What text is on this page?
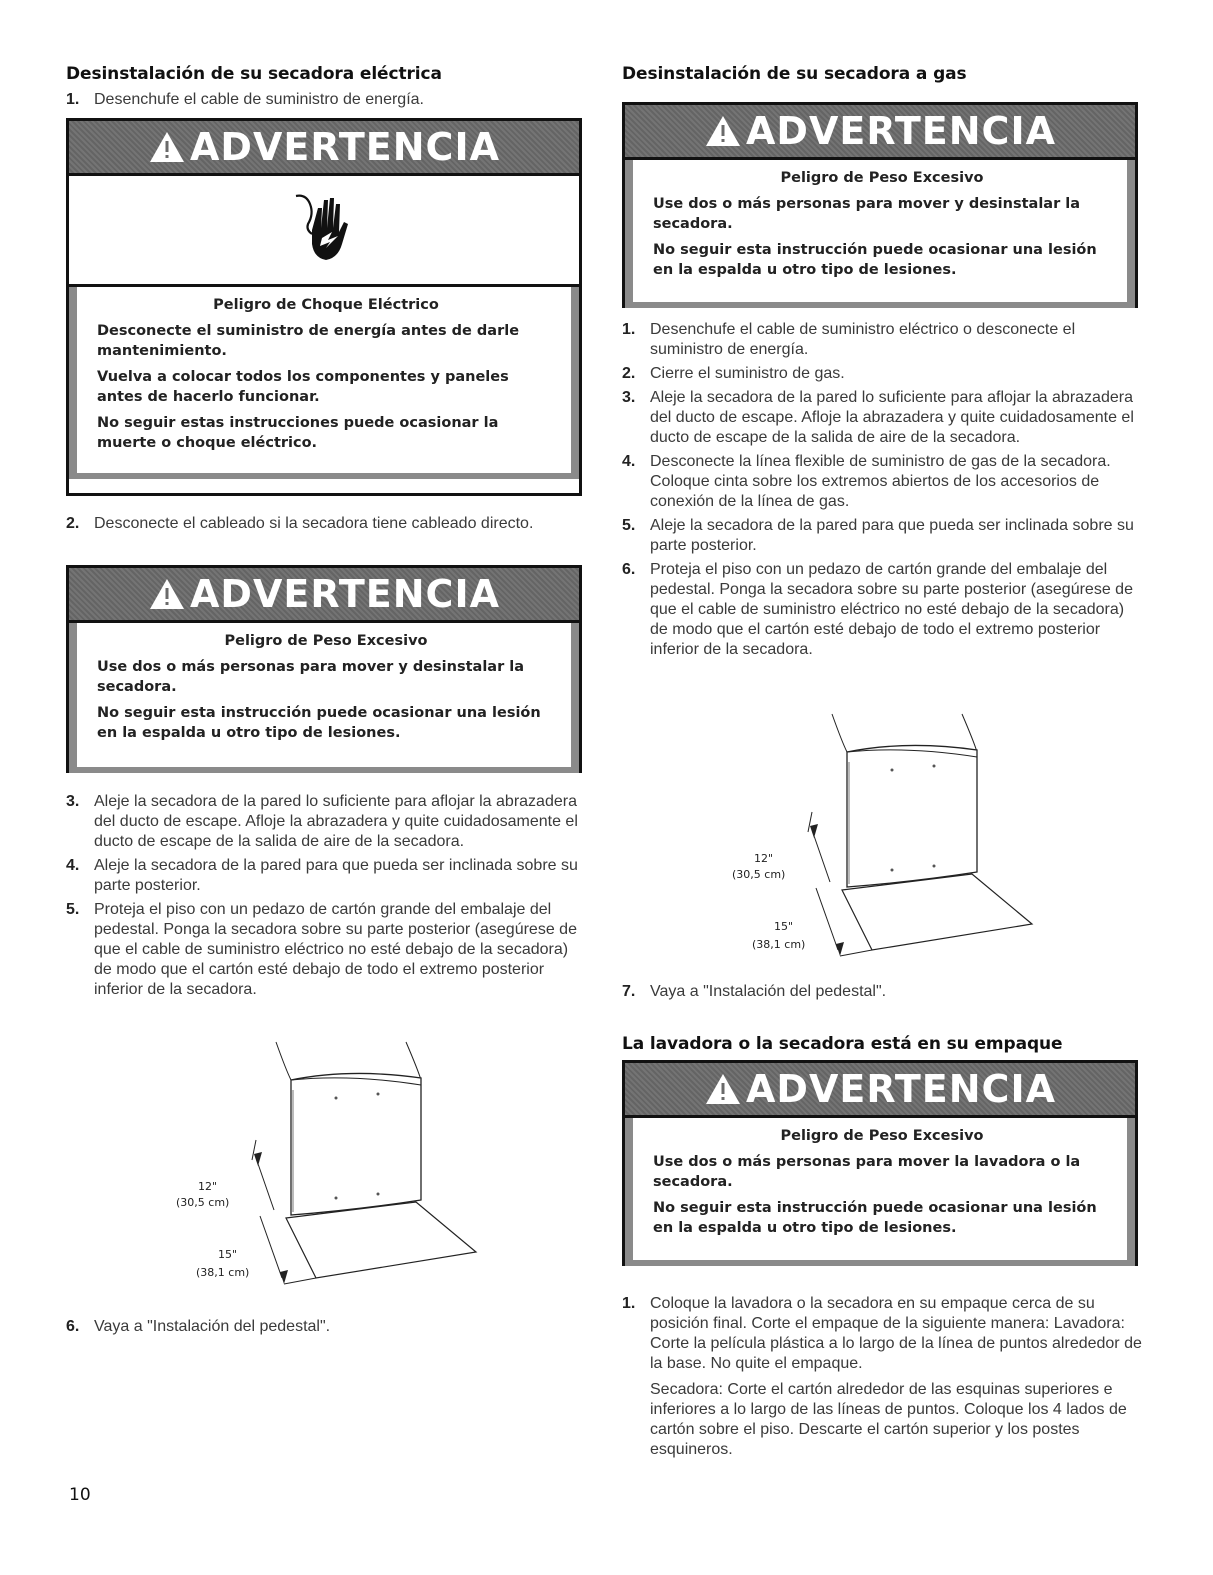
Desinstalación de su secadora eléctrica
1. Desenchufe el cable de suministro de energía.
ADVERTENCIA
Peligro de Choque Eléctrico

Desconecte el suministro de energía antes de darle mantenimiento.

Vuelva a colocar todos los componentes y paneles antes de hacerlo funcionar.

No seguir estas instrucciones puede ocasionar la muerte o choque eléctrico.

2. Desconecte el cableado si la secadora tiene cableado directo.
ADVERTENCIA
Peligro de Peso Excesivo

Use dos o más personas para mover y desinstalar la secadora.

No seguir esta instrucción puede ocasionar una lesión en la espalda u otro tipo de lesiones.

3. Aleje la secadora de la pared lo suficiente para aflojar la abrazadera del ducto de escape. Afloje la abrazadera y quite cuidadosamente el ducto de escape de la salida de aire de la secadora.
4. Aleje la secadora de la pared para que pueda ser inclinada sobre su parte posterior.
5. Proteja el piso con un pedazo de cartón grande del embalaje del pedestal. Ponga la secadora sobre su parte posterior (asegúrese de que el cable de suministro eléctrico no esté debajo de la secadora) de modo que el cartón esté debajo de todo el extremo posterior inferior de la secadora.
12"
(30,5 cm)
15"
(38,1 cm)
6. Vaya a "Instalación del pedestal".
Desinstalación de su secadora a gas
ADVERTENCIA
Peligro de Peso Excesivo

Use dos o más personas para mover y desinstalar la secadora.

No seguir esta instrucción puede ocasionar una lesión en la espalda u otro tipo de lesiones.

1. Desenchufe el cable de suministro eléctrico o desconecte el suministro de energía.
2. Cierre el suministro de gas.
3. Aleje la secadora de la pared lo suficiente para aflojar la abrazadera del ducto de escape. Afloje la abrazadera y quite cuidadosamente el ducto de escape de la salida de aire de la secadora.
4. Desconecte la línea flexible de suministro de gas de la secadora. Coloque cinta sobre los extremos abiertos de los accesorios de conexión de la línea de gas.
5. Aleje la secadora de la pared para que pueda ser inclinada sobre su parte posterior.
6. Proteja el piso con un pedazo de cartón grande del embalaje del pedestal. Ponga la secadora sobre su parte posterior (asegúrese de que el cable de suministro eléctrico no esté debajo de la secadora) de modo que el cartón esté debajo de todo el extremo posterior inferior de la secadora.
12"
(30,5 cm)
15"
(38,1 cm)
7. Vaya a "Instalación del pedestal".
La lavadora o la secadora está en su empaque
ADVERTENCIA
Peligro de Peso Excesivo

Use dos o más personas para mover la lavadora o la secadora.

No seguir esta instrucción puede ocasionar una lesión en la espalda u otro tipo de lesiones.

1. Coloque la lavadora o la secadora en su empaque cerca de su posición final. Corte el empaque de la siguiente manera: Lavadora: Corte la película plástica a lo largo de la línea de puntos alrededor de la base. No quite el empaque.
Secadora: Corte el cartón alrededor de las esquinas superiores e inferiores a lo largo de las líneas de puntos. Coloque los 4 lados de cartón sobre el piso. Descarte el cartón superior y los postes esquineros.
10
